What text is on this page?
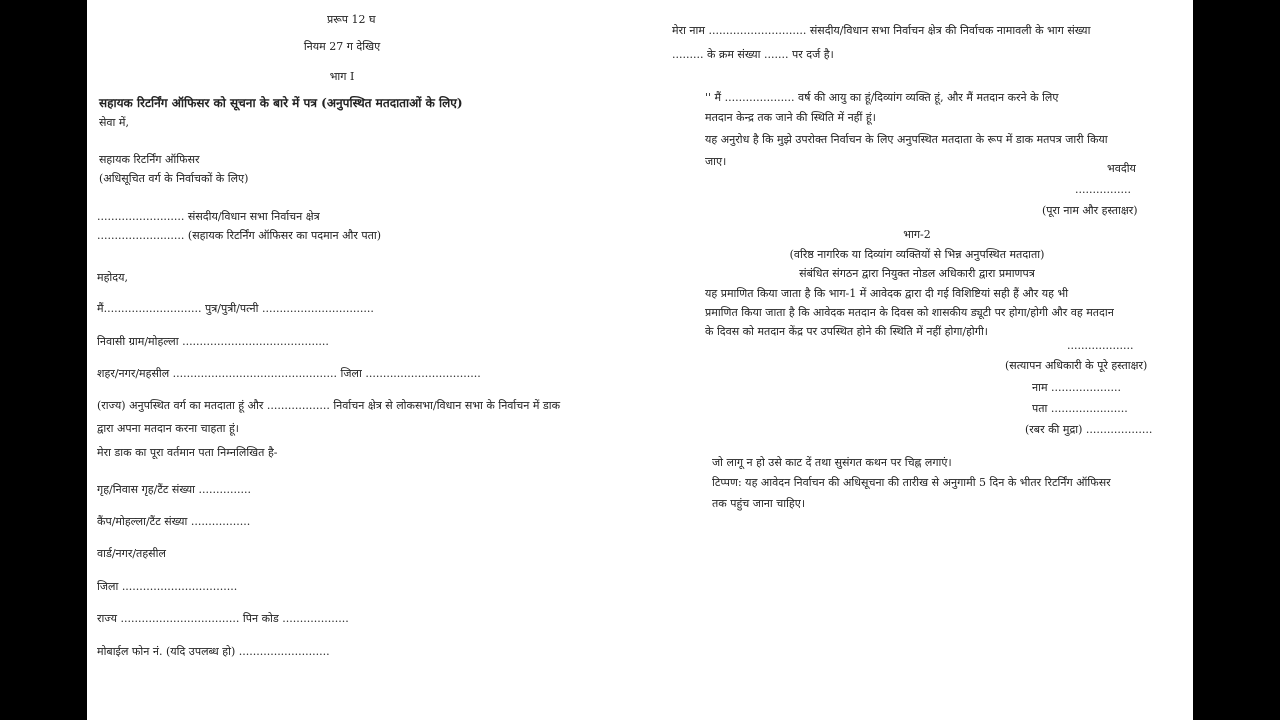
प्ररूप 12 घ
नियम 27 ग देखिए
भाग I
सहायक रिटर्निंग ऑफिसर को सूचना के बारे में पत्र (अनुपस्थित मतदाताओं के लिए)
सेवा में,
सहायक रिटर्निंग ऑफिसर
(अधिसूचित वर्ग के निर्वाचकों के लिए)
......................... संसदीय/विधान सभा निर्वाचन क्षेत्र
......................... (सहायक रिटर्निंग ऑफिसर का पदमान और पता)
महोदय,
मैं............................ पुत्र/पुत्री/पत्नी ................................
निवासी ग्राम/मोहल्ला ..........................................
शहर/नगर/महसील ............................................... जिला .................................
(राज्य) अनुपस्थित वर्ग का मतदाता हूं और .................. निर्वाचन क्षेत्र से लोकसभा/विधान सभा के निर्वाचन में डाक
द्वारा अपना मतदान करना चाहता हूं।
मेरा डाक का पूरा वर्तमान पता निम्नलिखित है-
गृह/निवास गृह/टैंट संख्या ...............
कैंप/मोहल्ला/टैंट संख्या .................
वार्ड/नगर/तहसील
जिला .................................
राज्य .................................. पिन कोड ...................
मोबाईल फोन नं. (यदि उपलब्ध हो) ..........................
मेरा नाम ............................ संसदीय/विधान सभा निर्वाचन क्षेत्र की निर्वाचक नामावली के भाग संख्या
......... के क्रम संख्या ....... पर दर्ज है।
'' मैं .................... वर्ष की आयु का हूं/दिव्यांग व्यक्ति हूं, और मैं मतदान करने के लिए
मतदान केन्द्र तक जाने की स्थिति में नहीं हूं।
यह अनुरोध है कि मुझे उपरोक्त निर्वाचन के लिए अनुपस्थित मतदाता के रूप में डाक मतपत्र जारी किया
जाए।
भवदीय
................
(पूरा नाम और हस्ताक्षर)
भाग-2
(वरिष्ठ नागरिक या दिव्यांग व्यक्तियों से भिन्न अनुपस्थित मतदाता)
संबंधित संगठन द्वारा नियुक्त नोडल अधिकारी द्वारा प्रमाणपत्र
यह प्रमाणित किया जाता है कि भाग-1 में आवेदक द्वारा दी गई विशिष्टियां सही हैं और यह भी
प्रमाणित किया जाता है कि आवेदक मतदान के दिवस को शासकीय ड्यूटी पर होगा/होगी और वह मतदान
के दिवस को मतदान केंद्र पर उपस्थित होने की स्थिति में नहीं होगा/होगी।
...................
(सत्यापन अधिकारी के पूरे हस्ताक्षर)
नाम ....................
पता ......................
(रबर की मुद्रा) ...................
जो लागू न हो उसे काट दें तथा सुसंगत कथन पर चिह्न लगाएं।
टिप्पण: यह आवेदन निर्वाचन की अधिसूचना की तारीख से अनुगामी 5 दिन के भीतर रिटर्निंग ऑफिसर
तक पहुंच जाना चाहिए।
